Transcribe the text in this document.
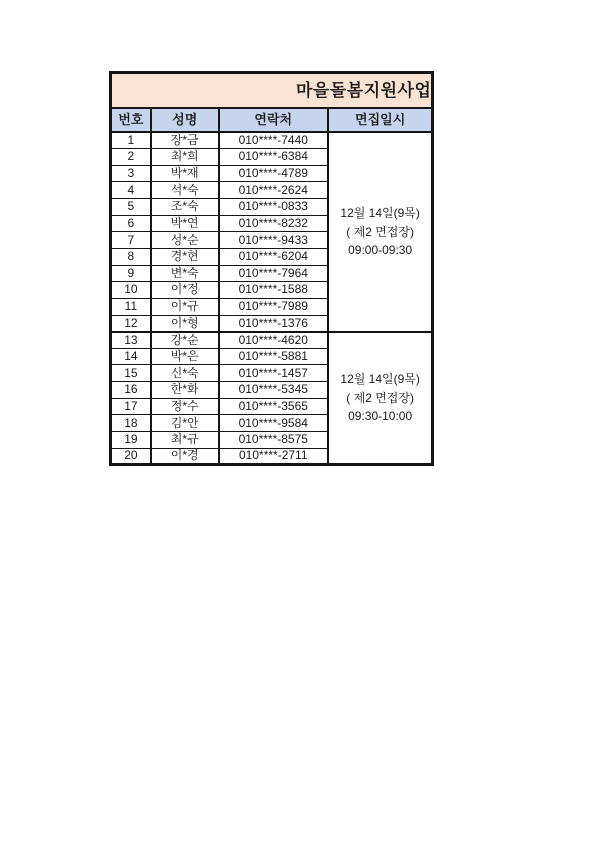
마을돌봄지원사업			

번호	성명	연락처	면집일시
1	장*금	010****-7440	12월 14일(9목)
( 제2 면접장)
09:00-09:30

2	최*희	010****-6384	
3	박*재	010****-4789	
4	석*숙	010****-2624	
5	조*숙	010****-0833	
6	박*연	010****-8232	
7	성*순	010****-9433	
8	경*현	010****-6204	
9	변*숙	010****-7964	
10	이*정	010****-1588	
11	이*규	010****-7989	
12	이*형	010****-1376	
13	강*순	010****-4620	12월 14일(9목)
( 제2 면접장)
09:30-10:00

14	박*은	010****-5881	
15	신*숙	010****-1457	
16	한*화	010****-5345	
17	정*수	010****-3565	
18	김*안	010****-9584	
19	최*규	010****-8575	
20	이*경	010****-2711	
